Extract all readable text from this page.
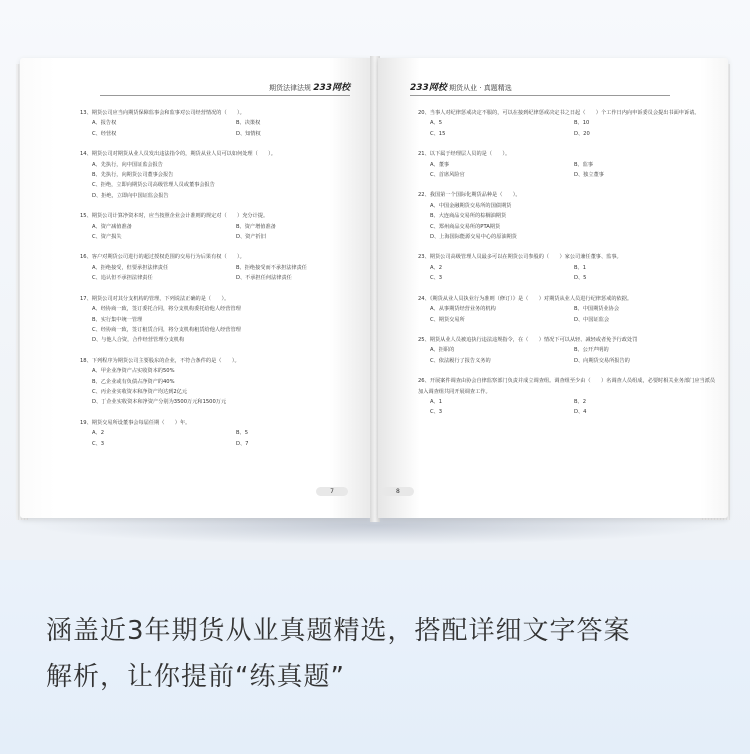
期货法律法规 233网校
13、期货公司应当向期货保障监事会和监事对公司经营情况的（　　）。
A、报告权	B、决策权
C、经营权	D、知情权
14、期货公司对期货从业人员发出违法指令的，期货从业人员可以如何处理（　　）。
A、先执行，向中国证监会报告
B、先执行，向期货公司董事会报告
C、拒绝，立即向期货公司高级管理人员或董事会报告
D、拒绝，立即向中国证监会报告
15、期货公司计算净资本时，应当按照企业会计准则的规定对（　　）充分计提。
A、资产减值准备	B、资产增值准备
C、资产损失	D、资产折旧
16、客户对期货公司进行的超过授权范围的交易行为后果有权（　　）。
A、拒绝接受，但要承担法律责任	B、拒绝接受而不承担法律责任
C、追认但不承担法律责任	D、不承担任何法律责任
17、期货公司对其分支机构的管理，下列说法正确的是（　　）。
A、经协商一致，签订委托合同，将分支机构委托给他人经营管理
B、实行集中统一管理
C、经协商一致，签订租赁合同，将分支机构租赁给他人经营管理
D、与他人合资，合作经营管理分支机构
18、下列程序为期货公司主要股东的企业，不符合条件的是（　　）。
A、甲企业净资产占实收资本的50%
B、乙企业或有负债占净资产的40%
C、丙企业实收资本和净资产均达到2亿元
D、丁企业实收资本和净资产分别为3500万元和1500万元
19、期货交易所设董事会每届任期（　　）年。
A、2	B、5
C、3	D、7
7
233网校 期货从业 · 真题精选
20、当事人对纪律惩戒决定不服的，可以在接到纪律惩戒决定书之日起（　　）个工作日内向申诉委员会提出书面申诉请。
A、5	B、10
C、15	D、20
21、以下属于经理层人员的是（　　）。
A、董事	B、监事
C、首席风险官	D、独立董事
22、我国第一个国际化期货品种是（　　）。
A、中国金融期货交易所的国债期货
B、大连商品交易所的棕榈油期货
C、郑州商品交易所的PTA期货
D、上海国际能源交易中心的原油期货
23、期货公司高级管理人员最多可以在期货公司参股的（　　）家公司兼任董事、监事。
A、2	B、1
C、3	D、5
24、《期货从业人员执业行为准则（修订）》是（　　）对期货从业人员进行纪律惩戒的依据。
A、从事期货经营业务的机构	B、中国期货业协会
C、期货交易所	D、中国证监会
25、期货从业人员被追执行违法违规指令，在（　　）情况下可以从轻、减轻或者免予行政处罚
A、拒职的	B、公开声明的
C、依法履行了报告义务的	D、向期货交易所报告的
26、开展案件调查由协会自律监察部门负责并成立调查组。调查组至少由（　　）名调查人员组成，必要时相关业务部门应当派员加入调查组共同开展调查工作。
A、1	B、2
C、3	D、4
8
涵盖近3年期货从业真题精选，搭配详细文字答案
解析，让你提前“练真题”
